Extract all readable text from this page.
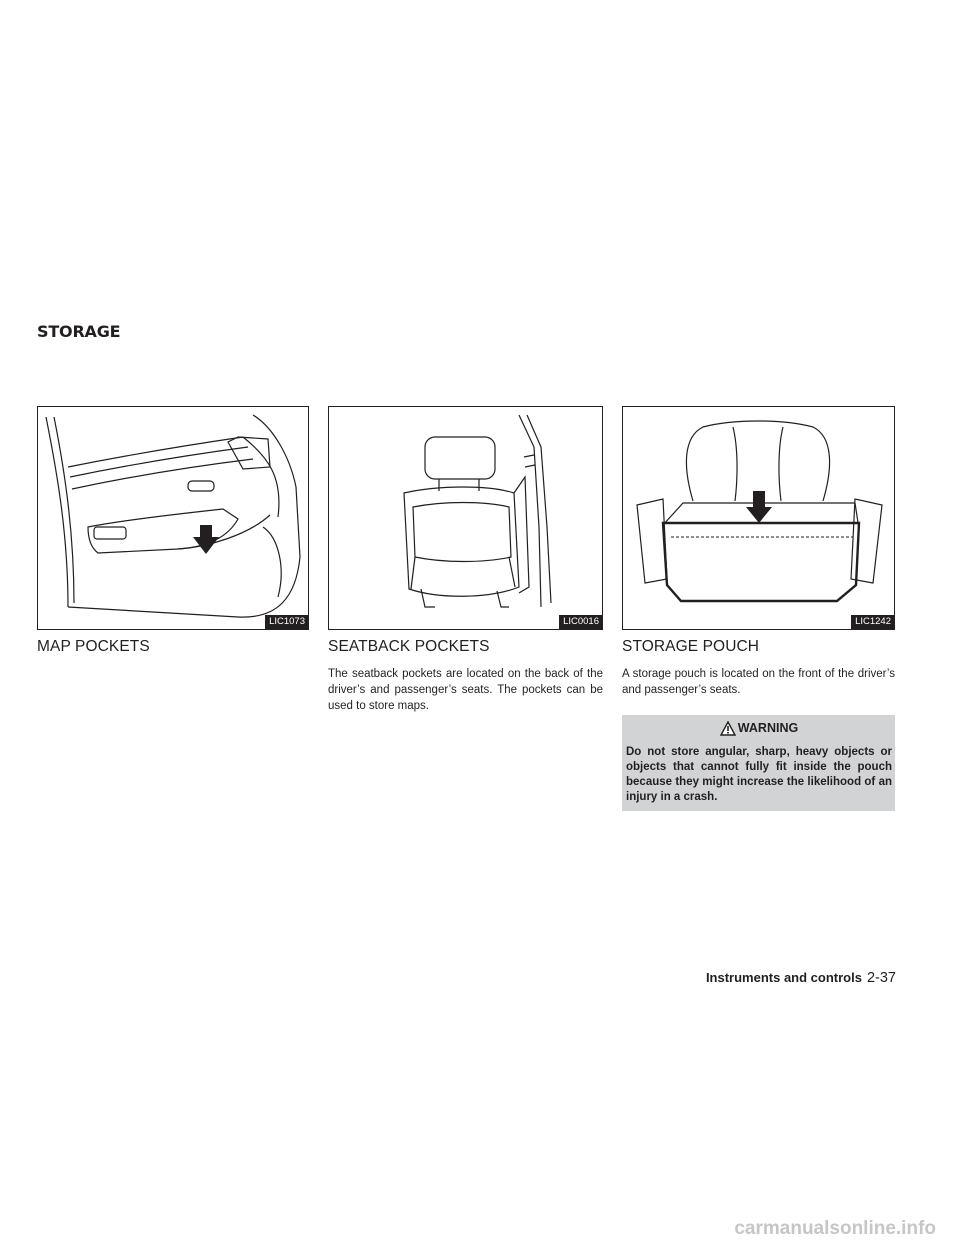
STORAGE
LIC1073	LIC0016	LIC1242
MAP POCKETS	SEATBACK POCKETS

The seatback pockets are located on the back of the driver’s and passenger’s seats. The pockets can be used to store maps.

STORAGE POUCH

A storage pouch is located on the front of the driver’s and passenger’s seats.

WARNING
Do not store angular, sharp, heavy objects or objects that cannot fully fit inside the pouch because they might increase the likelihood of an injury in a crash.
Instruments and controls 2-37
carmanualsonline.info
